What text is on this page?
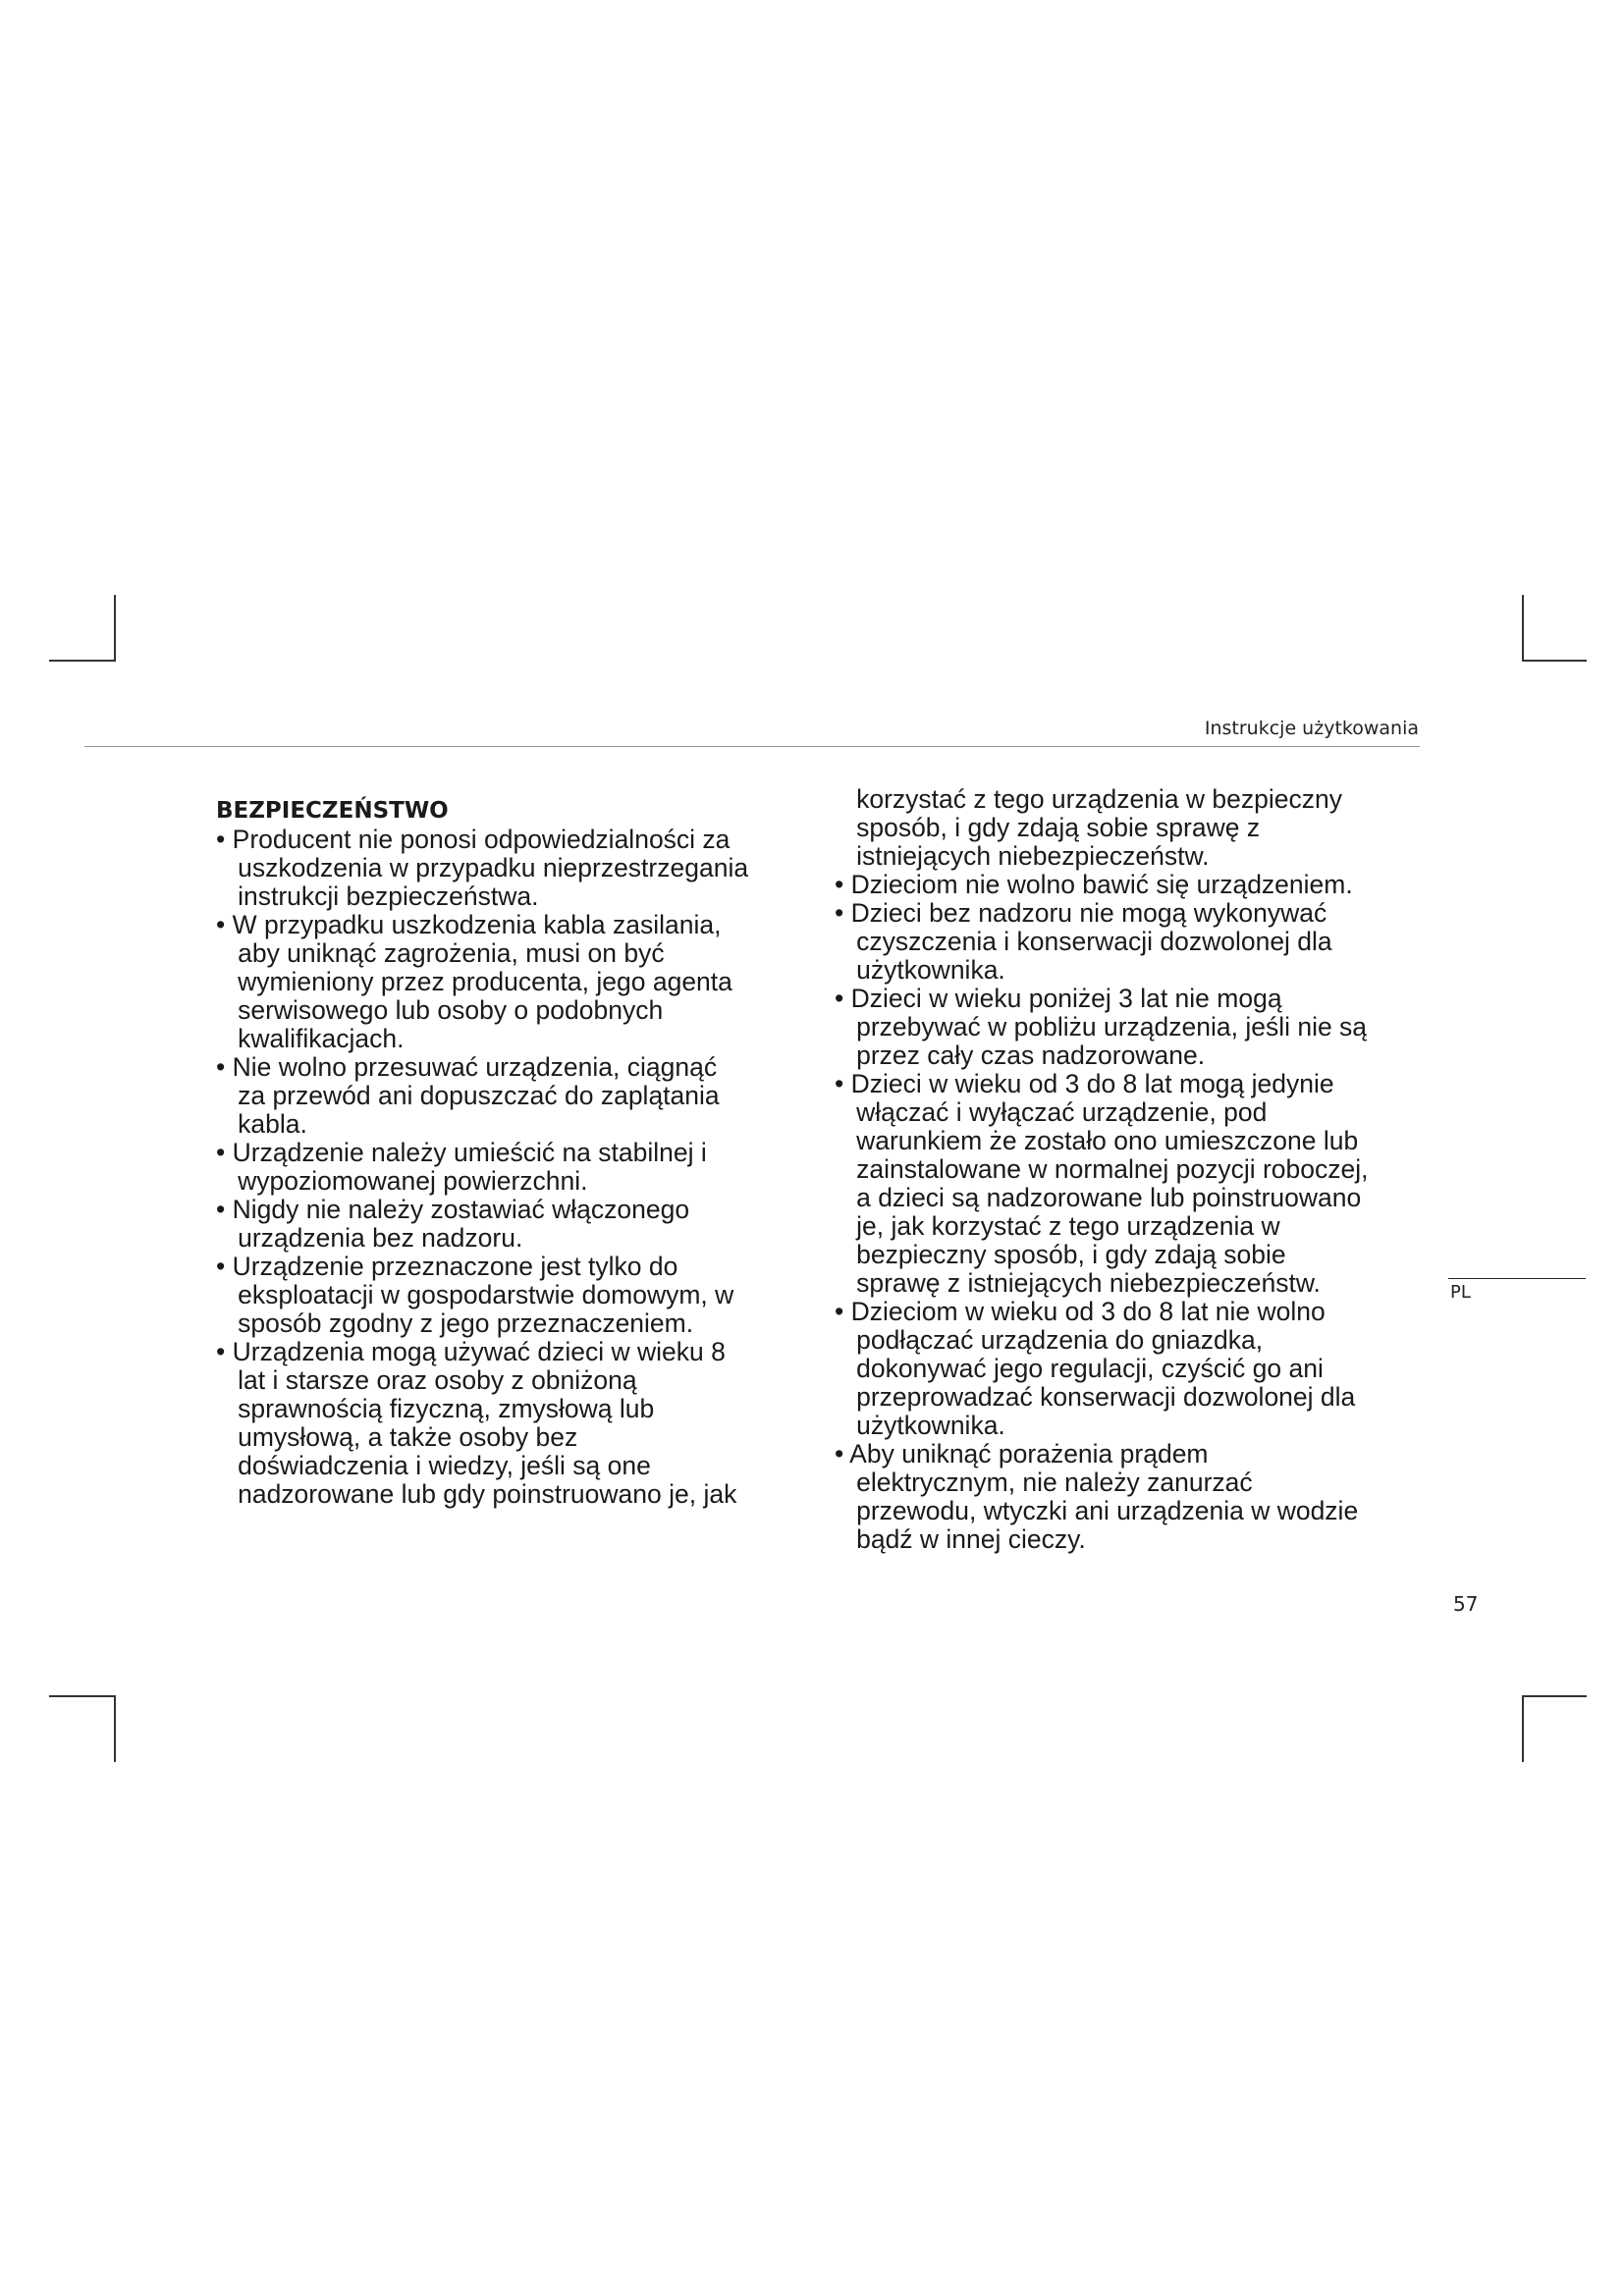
Instrukcje użytkowania
BEZPIECZEŃSTWO
• Producent nie ponosi odpowiedzialności za
uszkodzenia w przypadku nieprzestrzegania
instrukcji bezpieczeństwa.
• W przypadku uszkodzenia kabla zasilania,
aby uniknąć zagrożenia, musi on być
wymieniony przez producenta, jego agenta
serwisowego lub osoby o podobnych
kwalifikacjach.
• Nie wolno przesuwać urządzenia, ciągnąć
za przewód ani dopuszczać do zaplątania
kabla.
• Urządzenie należy umieścić na stabilnej i
wypoziomowanej powierzchni.
• Nigdy nie należy zostawiać włączonego
urządzenia bez nadzoru.
• Urządzenie przeznaczone jest tylko do
eksploatacji w gospodarstwie domowym, w
sposób zgodny z jego przeznaczeniem.
• Urządzenia mogą używać dzieci w wieku 8
lat i starsze oraz osoby z obniżoną
sprawnością fizyczną, zmysłową lub
umysłową, a także osoby bez
doświadczenia i wiedzy, jeśli są one
nadzorowane lub gdy poinstruowano je, jak
korzystać z tego urządzenia w bezpieczny
sposób, i gdy zdają sobie sprawę z
istniejących niebezpieczeństw.
• Dzieciom nie wolno bawić się urządzeniem.
• Dzieci bez nadzoru nie mogą wykonywać
czyszczenia i konserwacji dozwolonej dla
użytkownika.
• Dzieci w wieku poniżej 3 lat nie mogą
przebywać w pobliżu urządzenia, jeśli nie są
przez cały czas nadzorowane.
• Dzieci w wieku od 3 do 8 lat mogą jedynie
włączać i wyłączać urządzenie, pod
warunkiem że zostało ono umieszczone lub
zainstalowane w normalnej pozycji roboczej,
a dzieci są nadzorowane lub poinstruowano
je, jak korzystać z tego urządzenia w
bezpieczny sposób, i gdy zdają sobie
sprawę z istniejących niebezpieczeństw.
• Dzieciom w wieku od 3 do 8 lat nie wolno
podłączać urządzenia do gniazdka,
dokonywać jego regulacji, czyścić go ani
przeprowadzać konserwacji dozwolonej dla
użytkownika.
• Aby uniknąć porażenia prądem
elektrycznym, nie należy zanurzać
przewodu, wtyczki ani urządzenia w wodzie
bądź w innej cieczy.
PL
57
